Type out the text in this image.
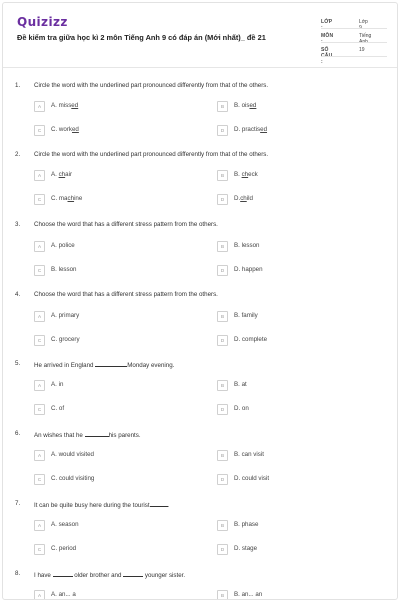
Quizizz
Đề kiểm tra giữa học kì 2 môn Tiếng Anh 9 có đáp án (Mới nhất)_ đề 21
LỚP :
Lớp 9
MÔN :
Tiếng Anh
SỐ CÂU :
19
1. Circle the word with the underlined part pronounced differently from that of the others.
A	A. missed	B	B. oised
C	C. worked	D	D. practised
2. Circle the word with the underlined part pronounced differently from that of the others.
A	A. chair	B	B. check
C	C. machine	D	D.child
3. Choose the word that has a different stress pattern from the others.
A	A. police	B	B. lesson
C	B. lesson	D	D. happen
4. Choose the word that has a different stress pattern from the others.
A	A. primary	B	B. family
C	C. grocery	D	D. complete
5. He arrived in England	Monday evening.
A	A. in	B	B. at
C	C. of	D	D. on
6. An wishes that he	his parents.
A	A. would visited	B	B. can visit
C	C. could visiting	D	D. could visit
7. It can be quite busy here during the tourist	.
A	A. season	B	B. phase
C	C. period	D	D. stage
8. I have	older brother and	younger sister.
A	A. an... a	B	B. an... an
